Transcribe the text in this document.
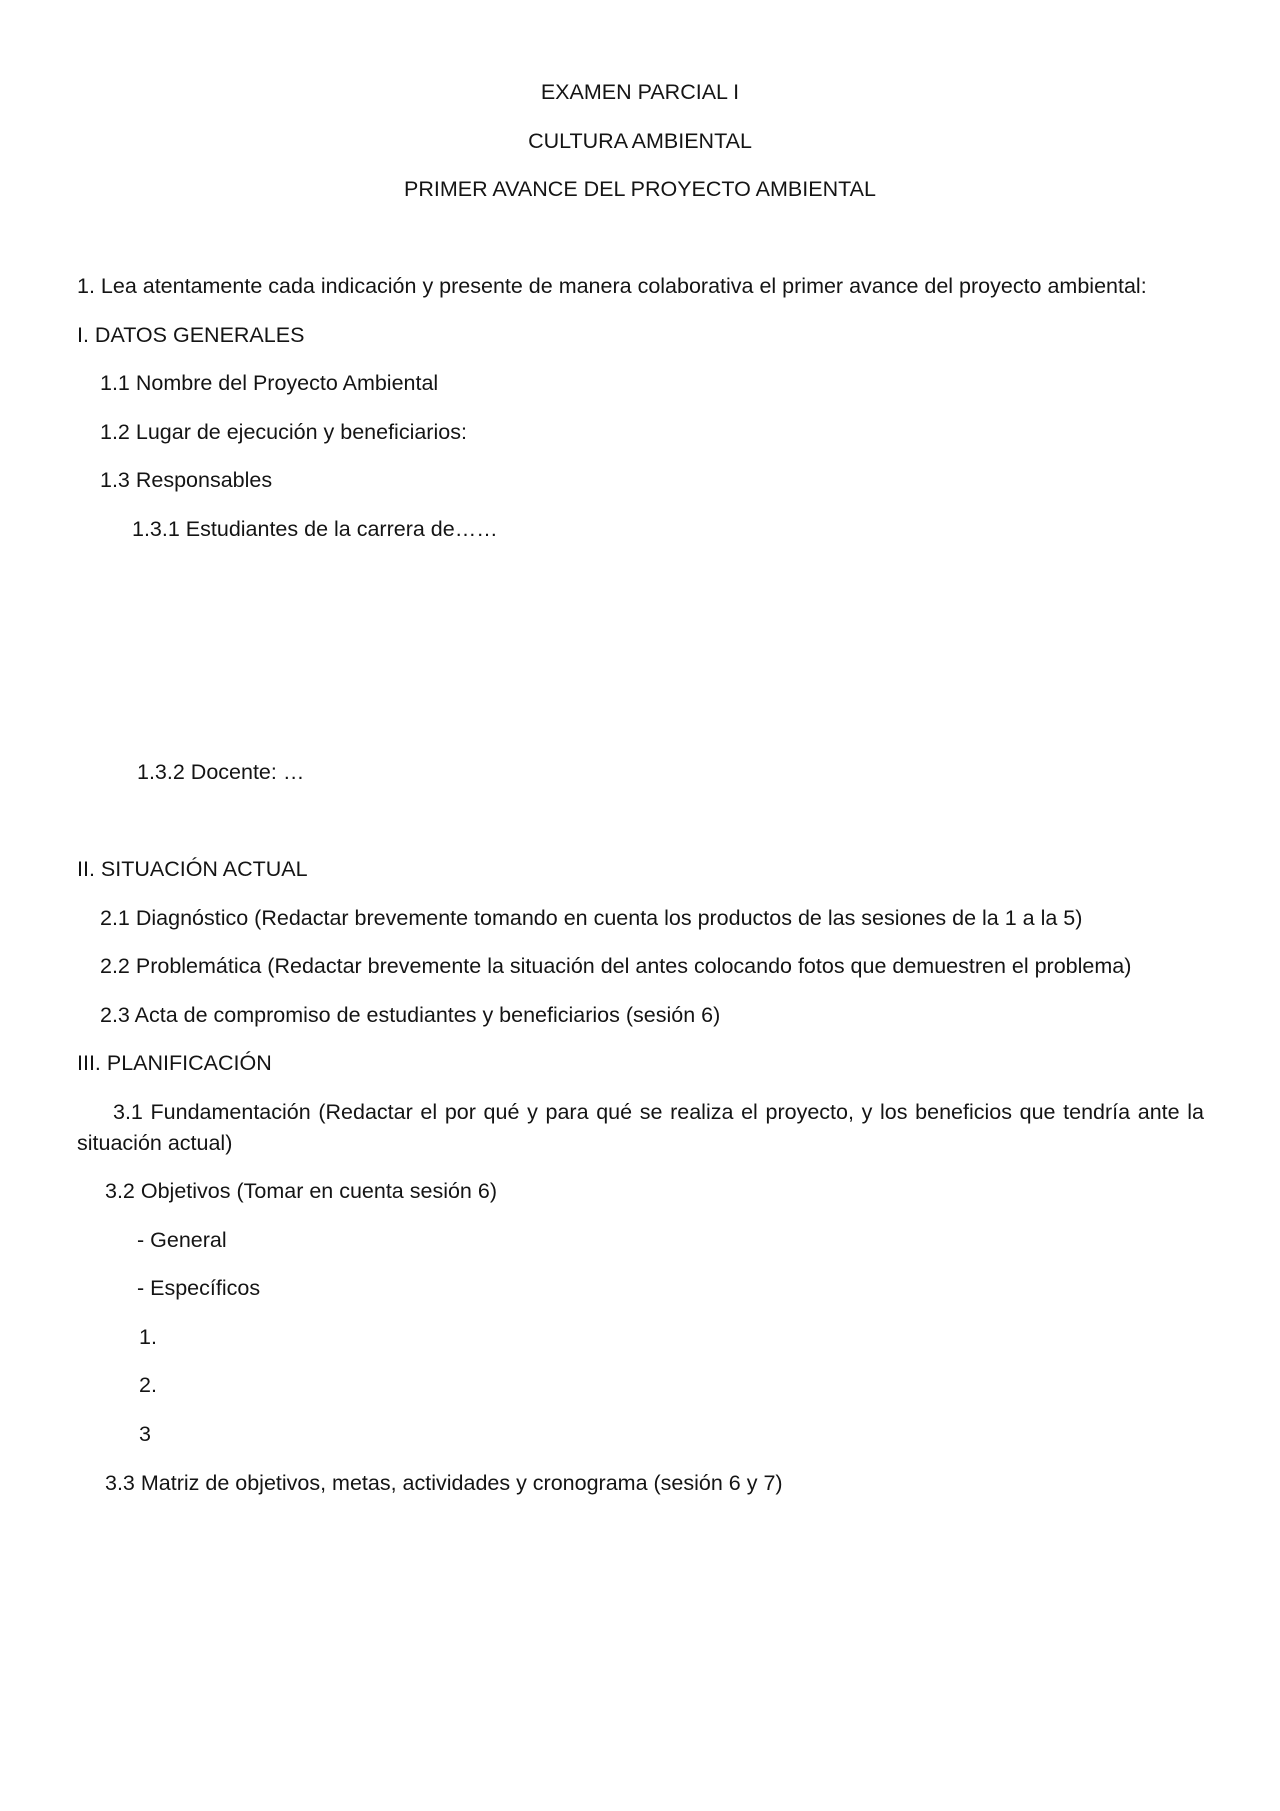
EXAMEN PARCIAL I
CULTURA AMBIENTAL
PRIMER AVANCE DEL PROYECTO AMBIENTAL
1. Lea atentamente cada indicación y presente de manera colaborativa el primer avance del proyecto ambiental:
I. DATOS GENERALES
1.1 Nombre del Proyecto Ambiental
1.2 Lugar de ejecución y beneficiarios:
1.3 Responsables
1.3.1 Estudiantes de la carrera de……
1.3.2 Docente: …
II. SITUACIÓN ACTUAL
2.1 Diagnóstico (Redactar brevemente tomando en cuenta los productos de las sesiones de la 1 a la 5)
2.2 Problemática (Redactar brevemente la situación del antes colocando fotos que demuestren el problema)
2.3 Acta de compromiso de estudiantes y beneficiarios (sesión 6)
III. PLANIFICACIÓN
3.1 Fundamentación (Redactar el por qué y para qué se realiza el proyecto, y los beneficios que tendría ante la situación actual)
3.2 Objetivos (Tomar en cuenta sesión 6)
- General
- Específicos
1.
2.
3
3.3 Matriz de objetivos, metas, actividades y cronograma (sesión 6 y 7)
